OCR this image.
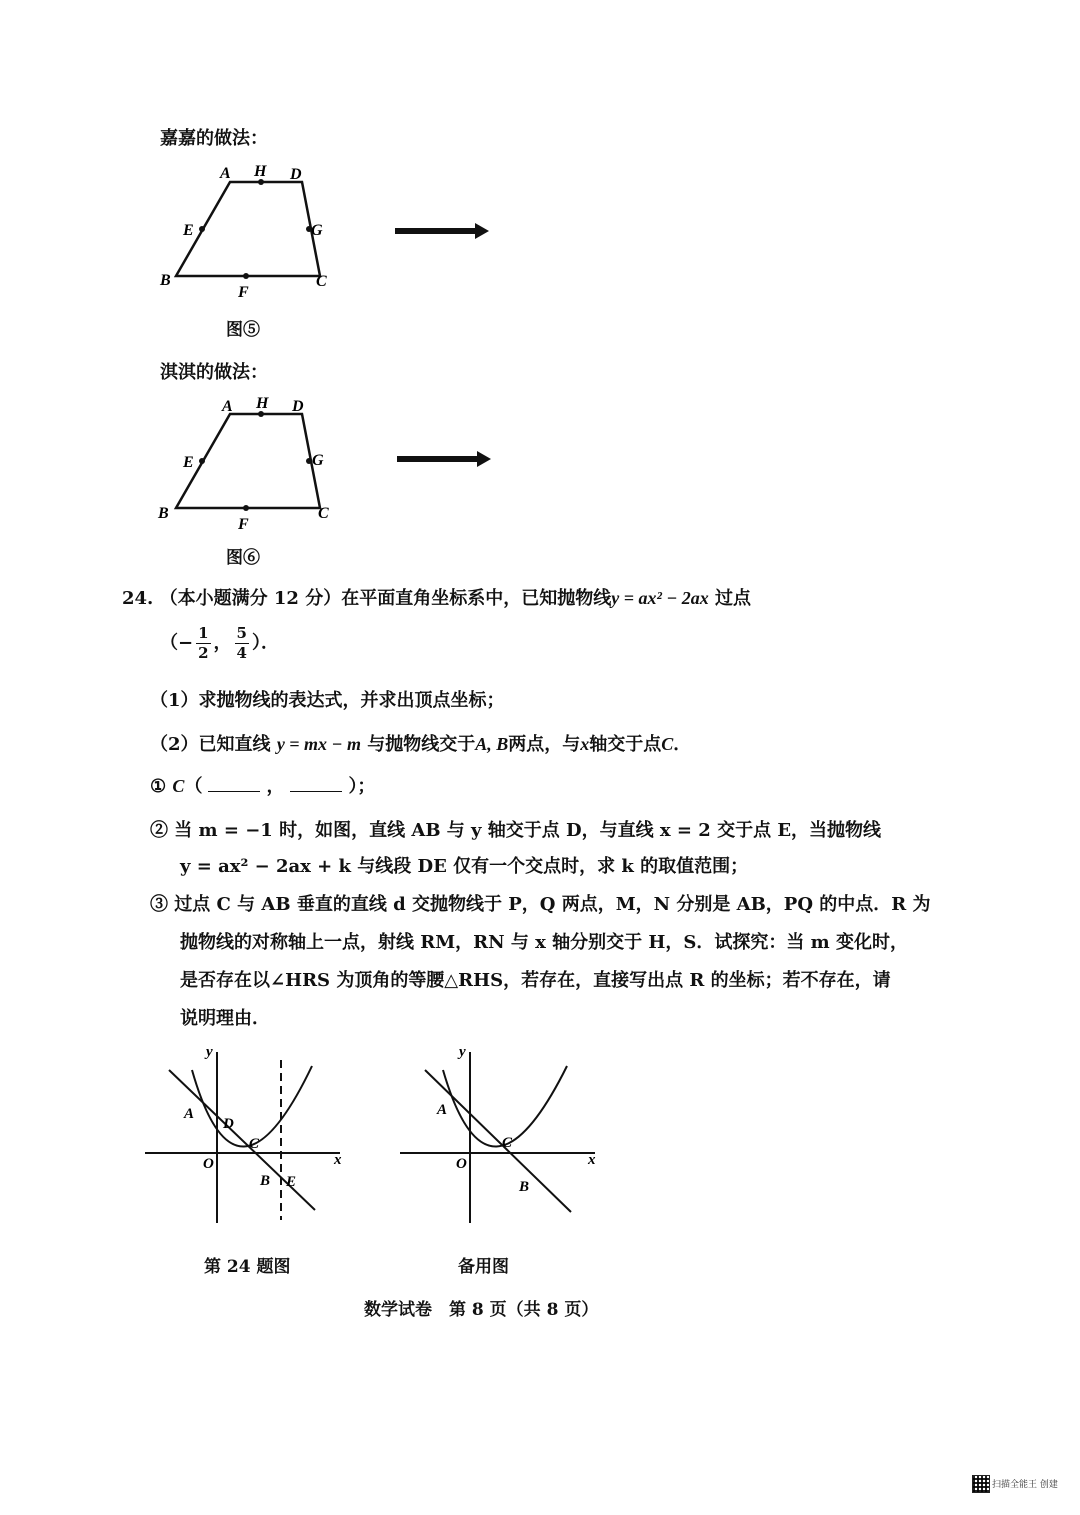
嘉嘉的做法：
A H D
E	G
B
F
C
图⑤
淇淇的做法：
A H D
E	G
B
F
C
图⑥
24. （本小题满分 12 分）在平面直角坐标系中，已知抛物线y = ax² − 2ax 过点
（− $\frac{1}{2}$ ， $\frac{5}{4}$ ）．
（1）求抛物线的表达式，并求出顶点坐标；
（2）已知直线 y = mx − m 与抛物线交于A, B两点，与x轴交于点C．
① C（	，	）；
② 当 m = −1 时，如图，直线 AB 与 y 轴交于点 D，与直线 x = 2 交于点 E，当抛物线
y = ax² − 2ax + k 与线段 DE 仅有一个交点时，求 k 的取值范围；
③ 过点 C 与 AB 垂直的直线 d 交抛物线于 P，Q 两点，M，N 分别是 AB，PQ 的中点．R 为
抛物线的对称轴上一点，射线 RM，RN 与 x 轴分别交于 H，S．试探究：当 m 变化时，
是否存在以∠HRS 为顶角的等腰△RHS，若存在，直接写出点 R 的坐标；若不存在，请
说明理由．
y
x
O
A
D
C
B E
第 24 题图
y
x
O
A
C
B
备用图
数学试卷　第 8 页（共 8 页）
扫描全能王 创建
